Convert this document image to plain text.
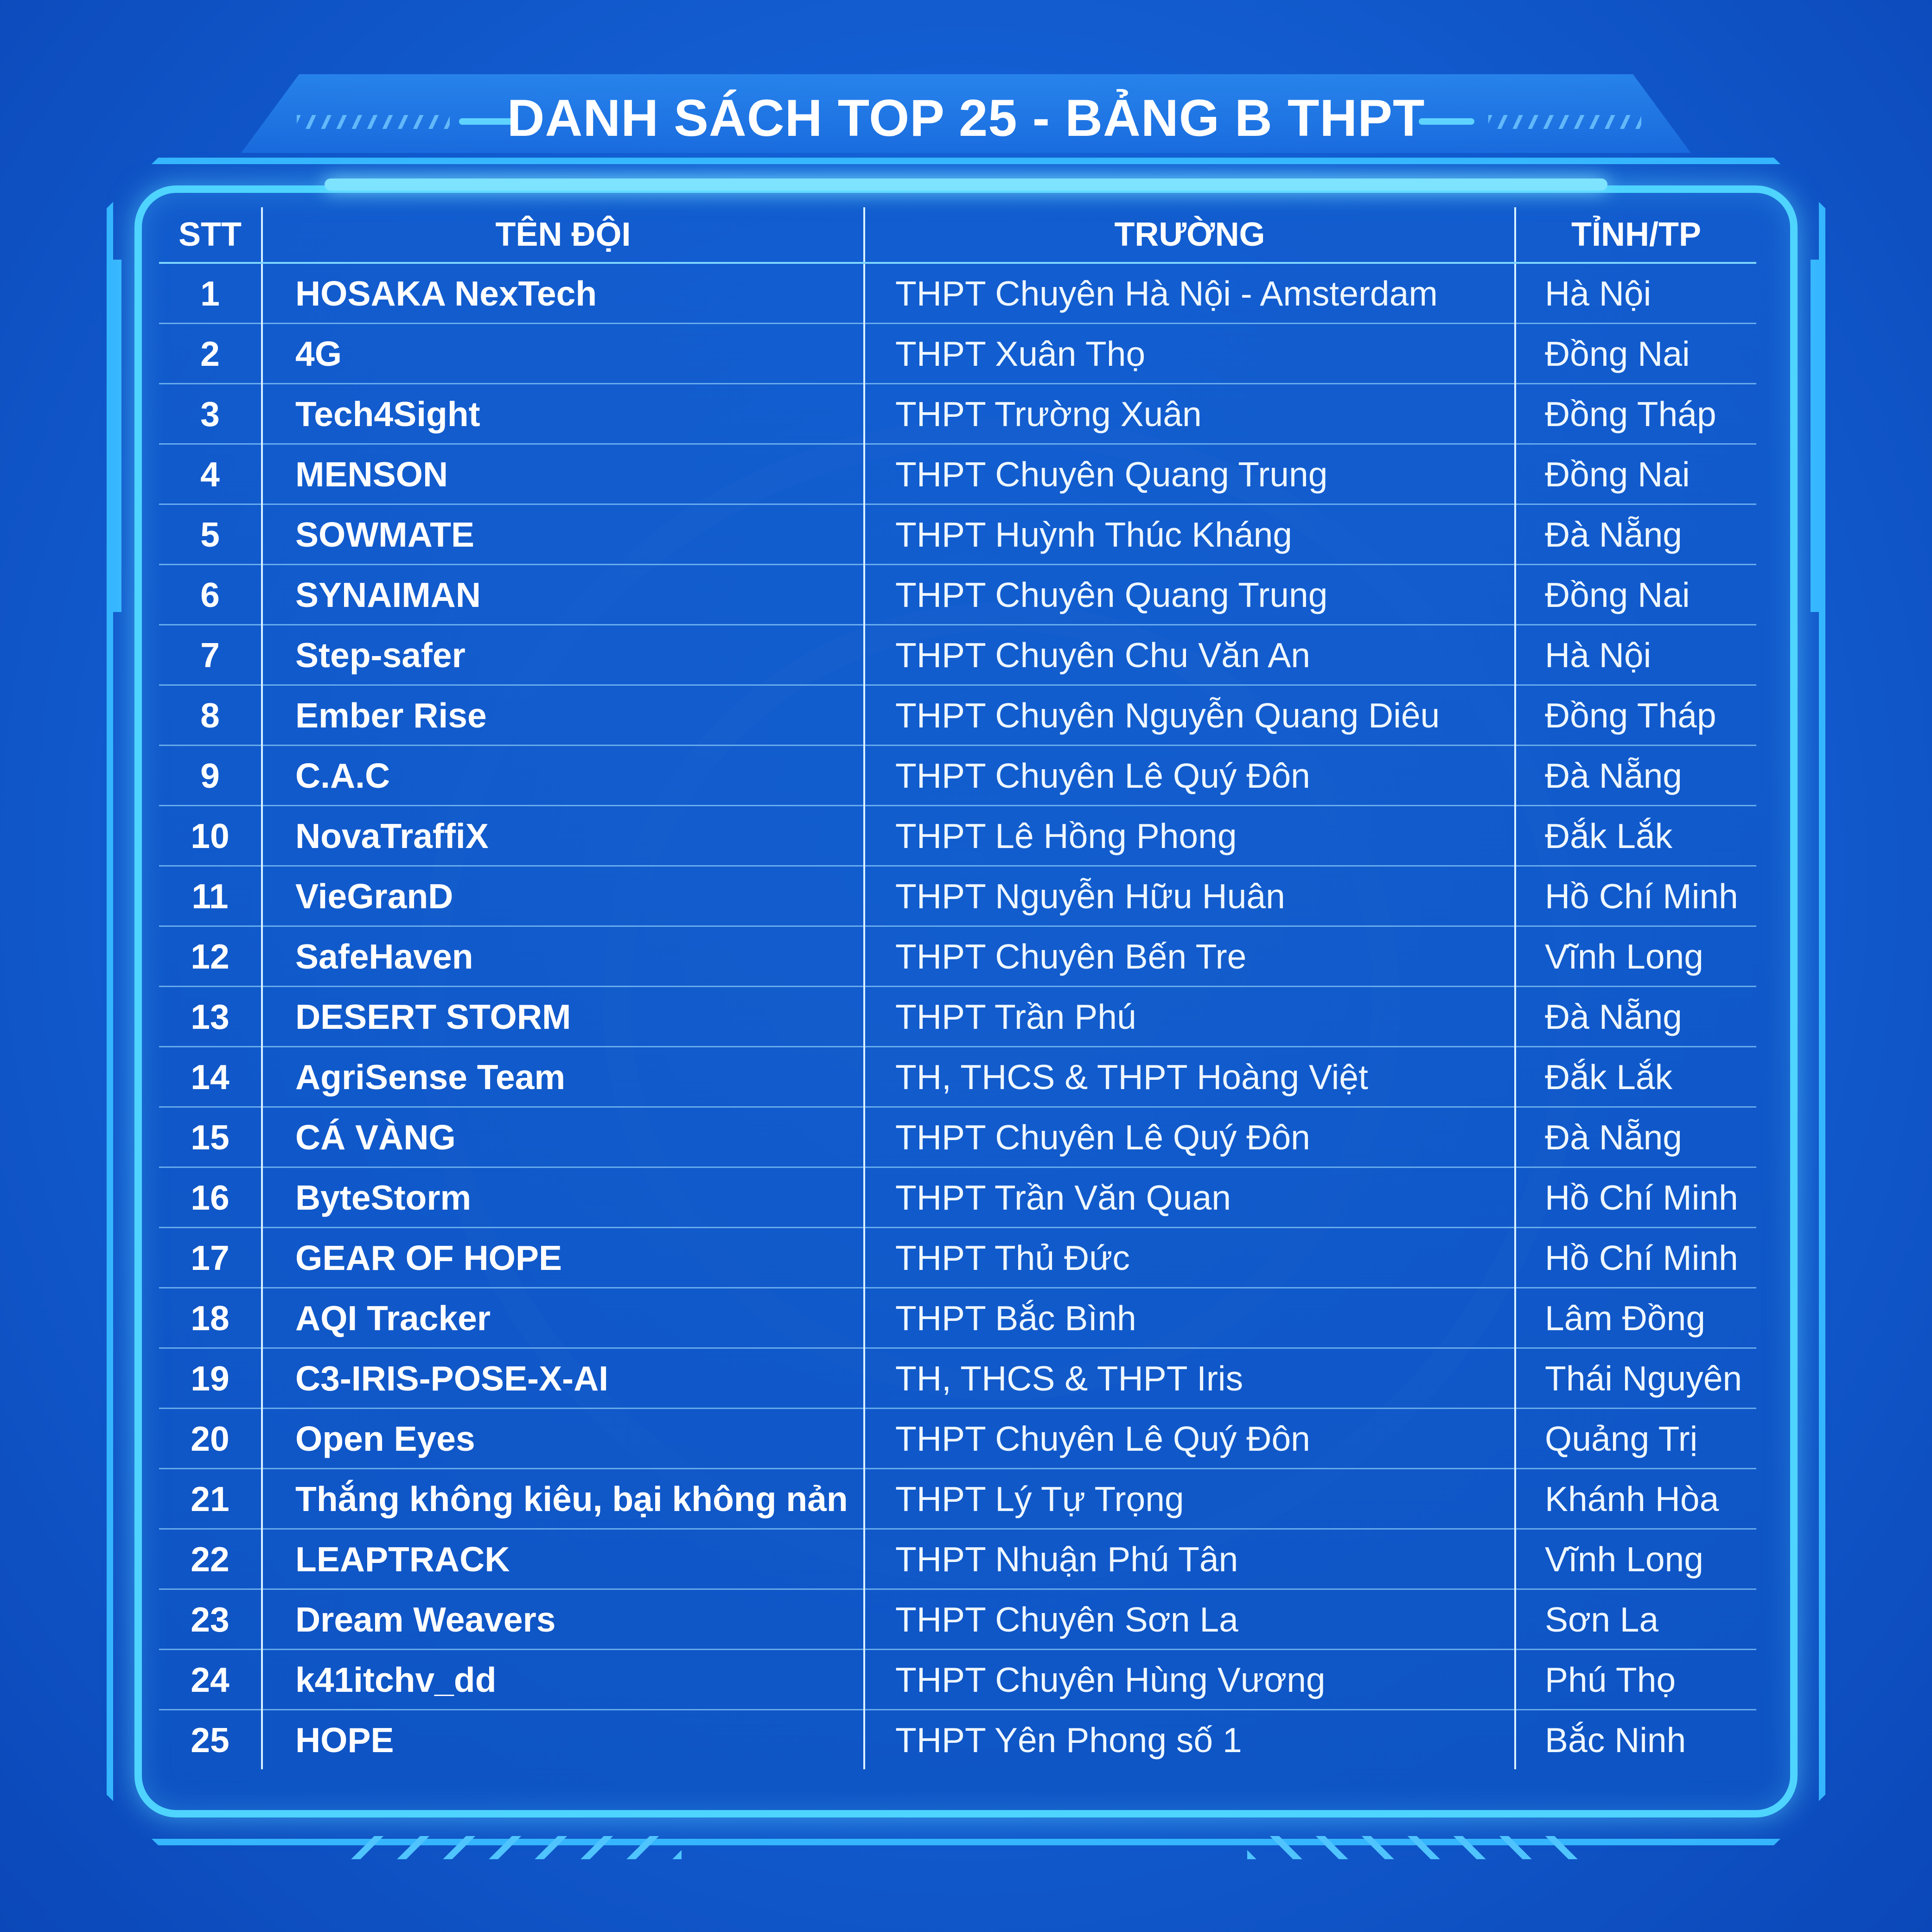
DANH SÁCH TOP 25 - BẢNG B THPT
STT	TÊN ĐỘI	TRƯỜNG	TỈNH/TP
1	HOSAKA NexTech	THPT Chuyên Hà Nội - Amsterdam	Hà Nội
2	4G	THPT Xuân Thọ	Đồng Nai
3	Tech4Sight	THPT Trường Xuân	Đồng Tháp
4	MENSON	THPT Chuyên Quang Trung	Đồng Nai
5	SOWMATE	THPT Huỳnh Thúc Kháng	Đà Nẵng
6	SYNAIMAN	THPT Chuyên Quang Trung	Đồng Nai
7	Step-safer	THPT Chuyên Chu Văn An	Hà Nội
8	Ember Rise	THPT Chuyên Nguyễn Quang Diêu	Đồng Tháp
9	C.A.C	THPT Chuyên Lê Quý Đôn	Đà Nẵng
10	NovaTraffiX	THPT Lê Hồng Phong	Đắk Lắk
11	VieGranD	THPT Nguyễn Hữu Huân	Hồ Chí Minh
12	SafeHaven	THPT Chuyên Bến Tre	Vĩnh Long
13	DESERT STORM	THPT Trần Phú	Đà Nẵng
14	AgriSense Team	TH, THCS & THPT Hoàng Việt	Đắk Lắk
15	CÁ VÀNG	THPT Chuyên Lê Quý Đôn	Đà Nẵng
16	ByteStorm	THPT Trần Văn Quan	Hồ Chí Minh
17	GEAR OF HOPE	THPT Thủ Đức	Hồ Chí Minh
18	AQI Tracker	THPT Bắc Bình	Lâm Đồng
19	C3-IRIS-POSE-X-AI	TH, THCS & THPT Iris	Thái Nguyên
20	Open Eyes	THPT Chuyên Lê Quý Đôn	Quảng Trị
21	Thắng không kiêu, bại không nản	THPT Lý Tự Trọng	Khánh Hòa
22	LEAPTRACK	THPT Nhuận Phú Tân	Vĩnh Long
23	Dream Weavers	THPT Chuyên Sơn La	Sơn La
24	k41itchv_dd	THPT Chuyên Hùng Vương	Phú Thọ
25	HOPE	THPT Yên Phong số 1	Bắc Ninh
